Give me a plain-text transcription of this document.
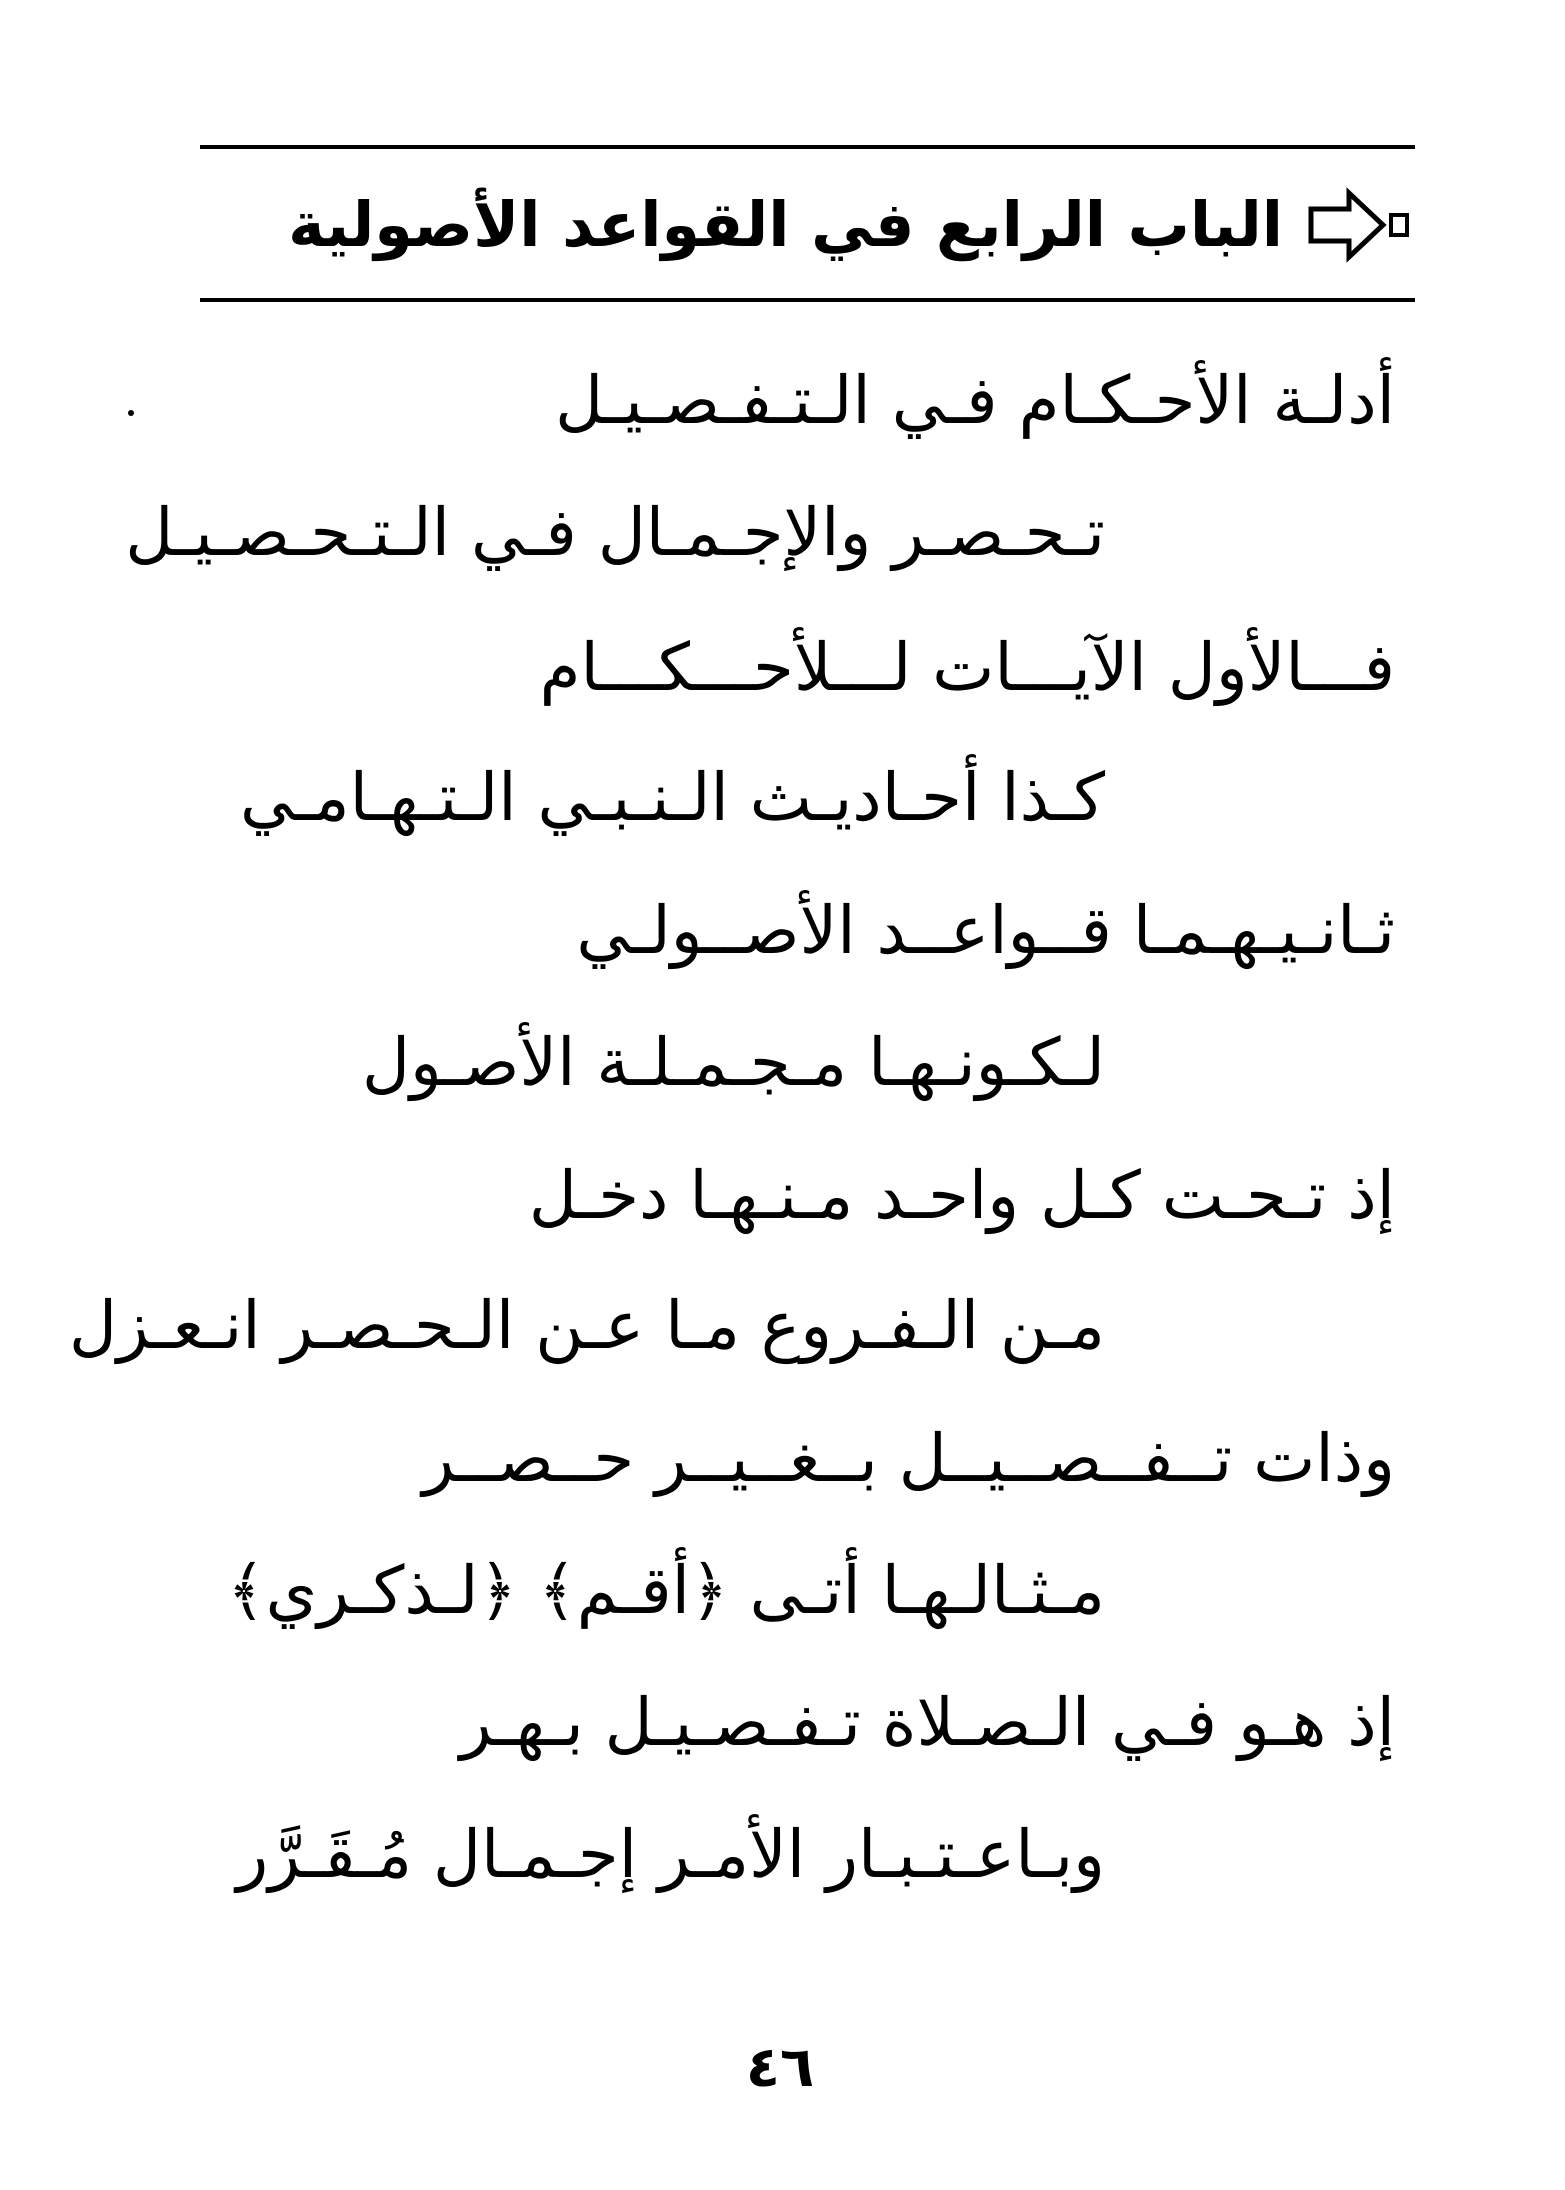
الباب الرابع في القواعد الأصولية
أدلـة الأحـكـام فـي الـتـفـصـيـل
تـحـصـر والإجـمـال فـي الـتـحـصـيـل
فـــالأول الآيـــات لـــلأحـــكـــام
كـذا أحـاديـث الـنـبـي الـتـهـامـي
ثـانـيـهـمـا قــواعــد الأصــولـي
لـكـونـهـا مـجـمـلـة الأصـول
إذ تـحـت كـل واحـد مـنـهـا دخـل
مـن الـفـروع مـا عـن الـحـصـر انـعـزل
وذات تــفــصــيــل بــغــيــر حــصــر
مـثـالـهـا أتـى ﴿أقـم﴾ ﴿لـذكـري﴾
إذ هـو فـي الـصـلاة تـفـصـيـل بـهـر
وبـاعـتـبـار الأمـر إجـمـال مُـقَـرَّر
٤٦
